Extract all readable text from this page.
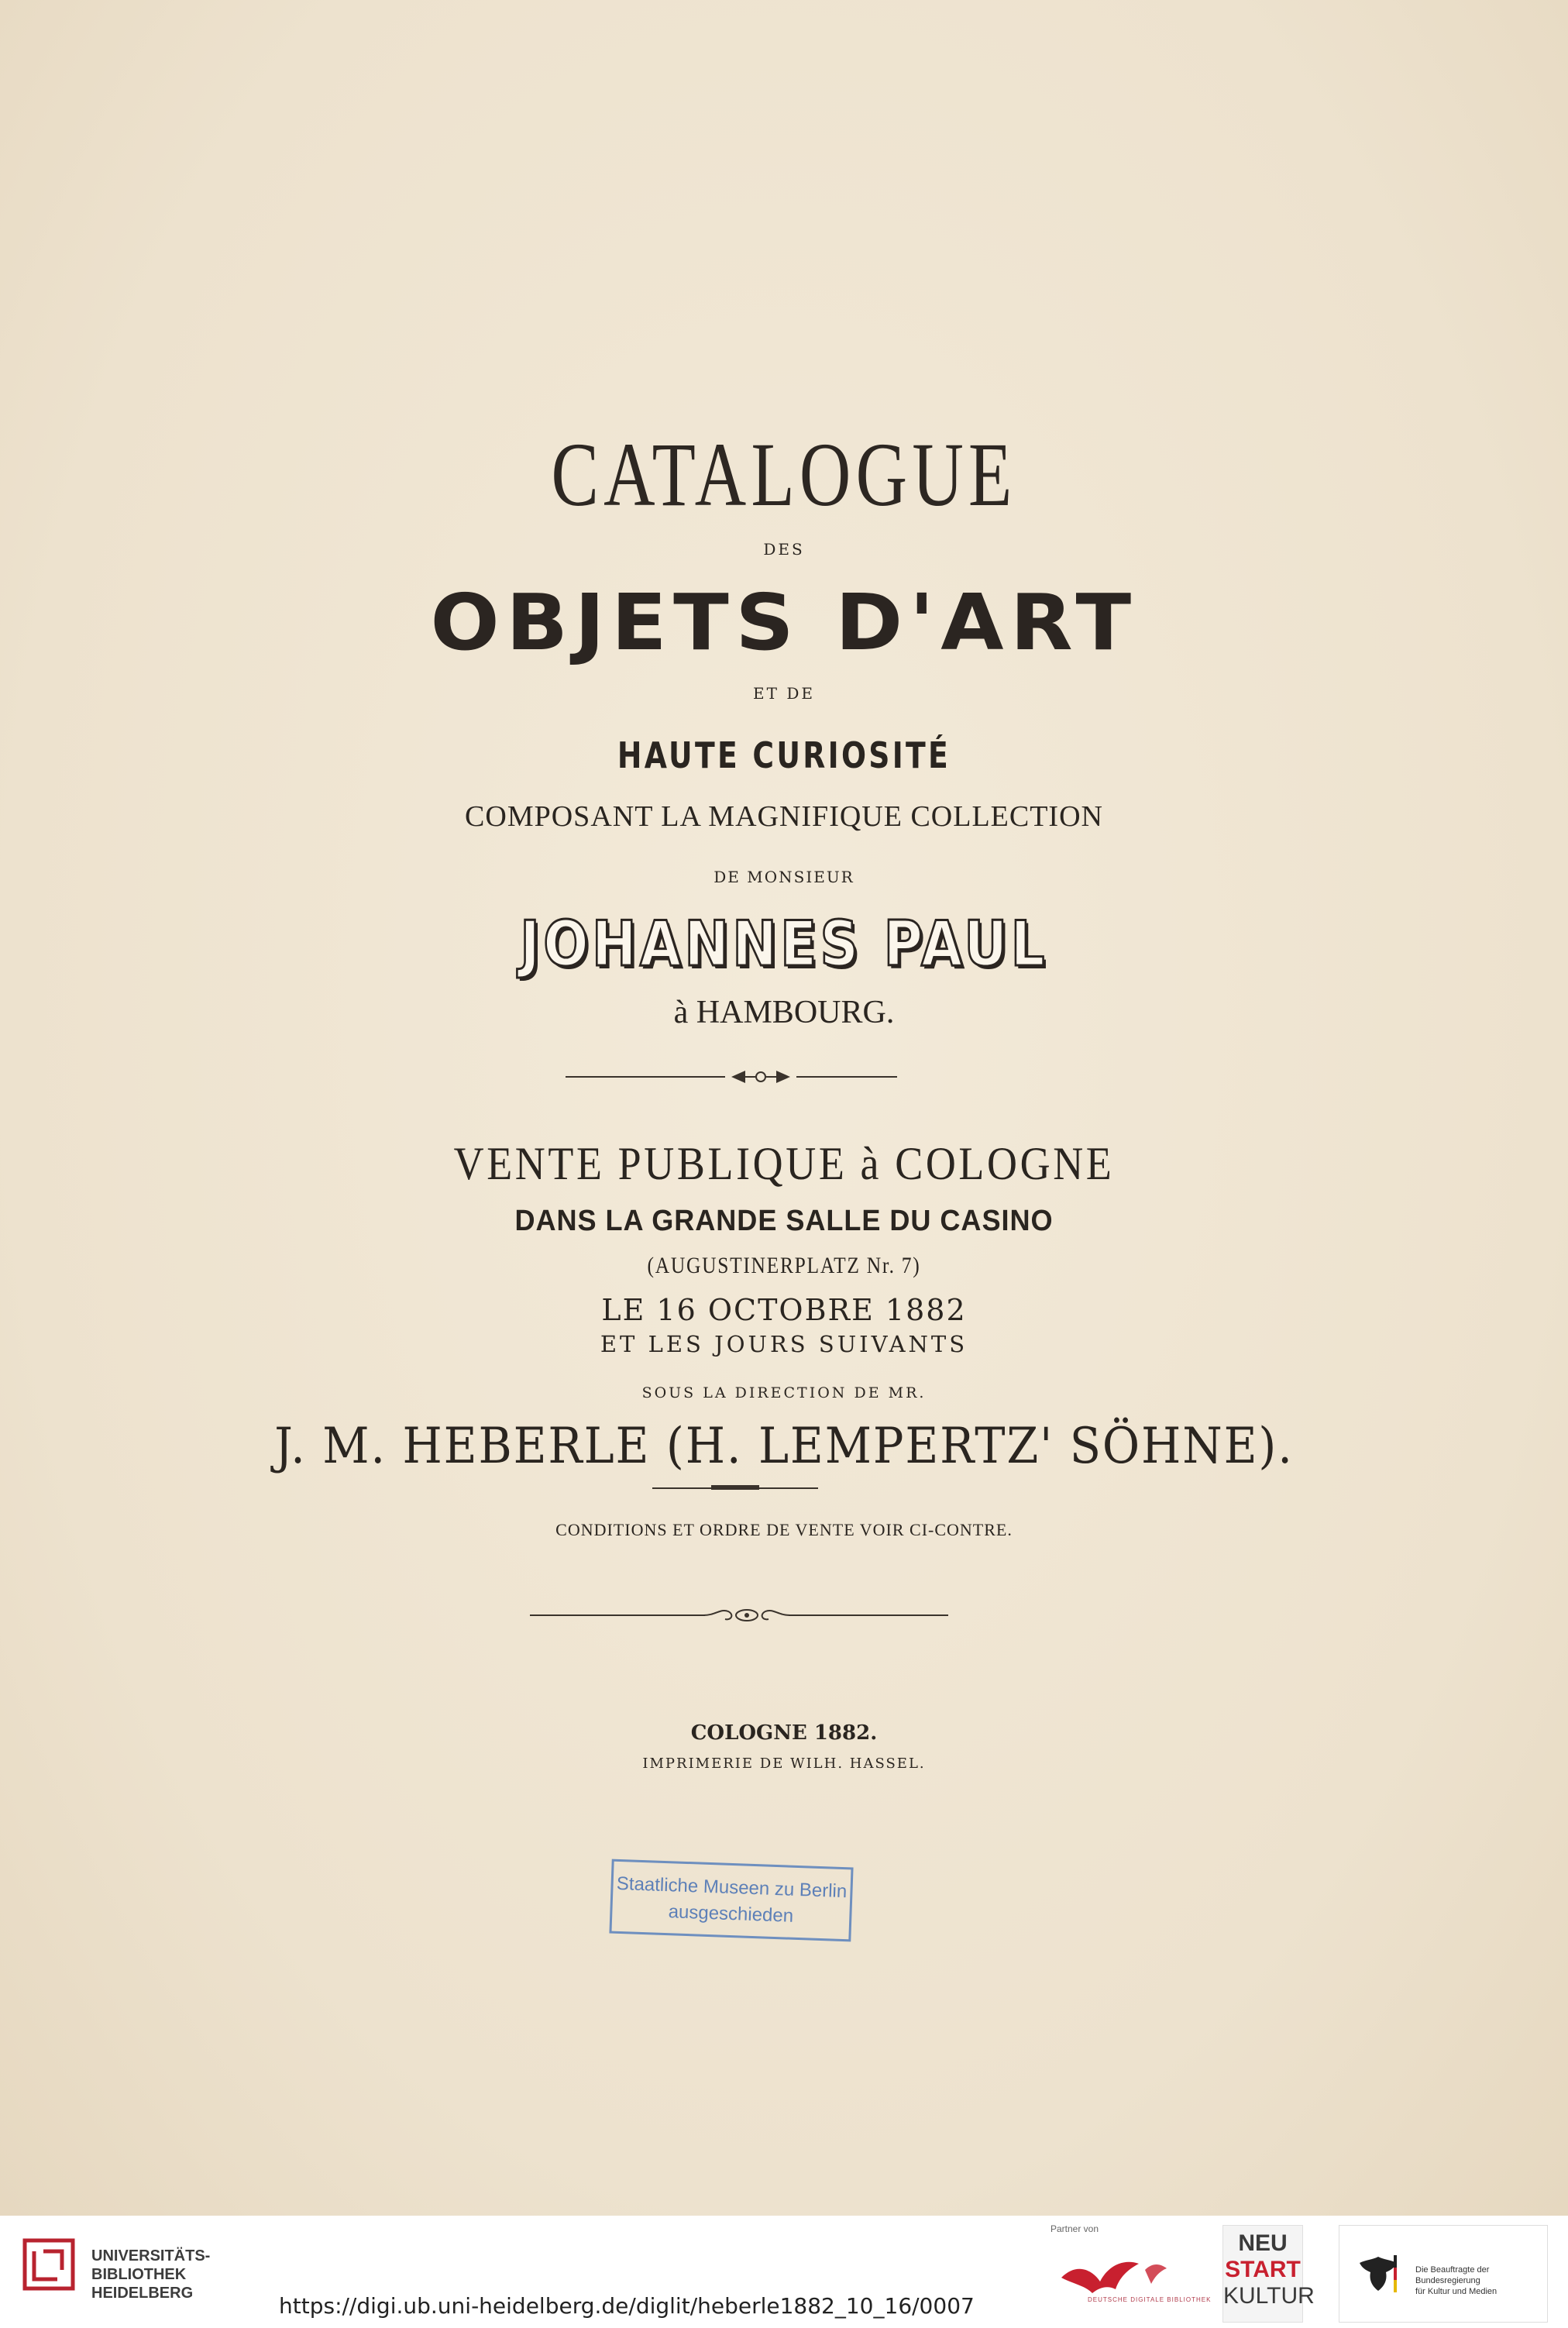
CATALOGUE
DES
OBJETS D'ART
ET DE
HAUTE CURIOSITÉ
COMPOSANT LA MAGNIFIQUE COLLECTION
DE MONSIEUR
JOHANNES PAUL
à HAMBOURG.
VENTE PUBLIQUE à COLOGNE
DANS LA GRANDE SALLE DU CASINO
(AUGUSTINERPLATZ Nr. 7)
LE 16 OCTOBRE 1882
ET LES JOURS SUIVANTS
SOUS LA DIRECTION DE MR.
J. M. HEBERLE (H. LEMPERTZ' SÖHNE).
CONDITIONS ET ORDRE DE VENTE VOIR CI-CONTRE.
COLOGNE 1882.
IMPRIMERIE DE WILH. HASSEL.
Staatliche Museen zu Berlin
ausgeschieden
UNIVERSITÄTS-
BIBLIOTHEK
HEIDELBERG
Partner von
DEUTSCHE DIGITALE BIBLIOTHEK
NEU
START
KULTUR
Die Beauftragte der Bundesregierung
für Kultur und Medien
https://digi.ub.uni-heidelberg.de/diglit/heberle1882_10_16/0007
